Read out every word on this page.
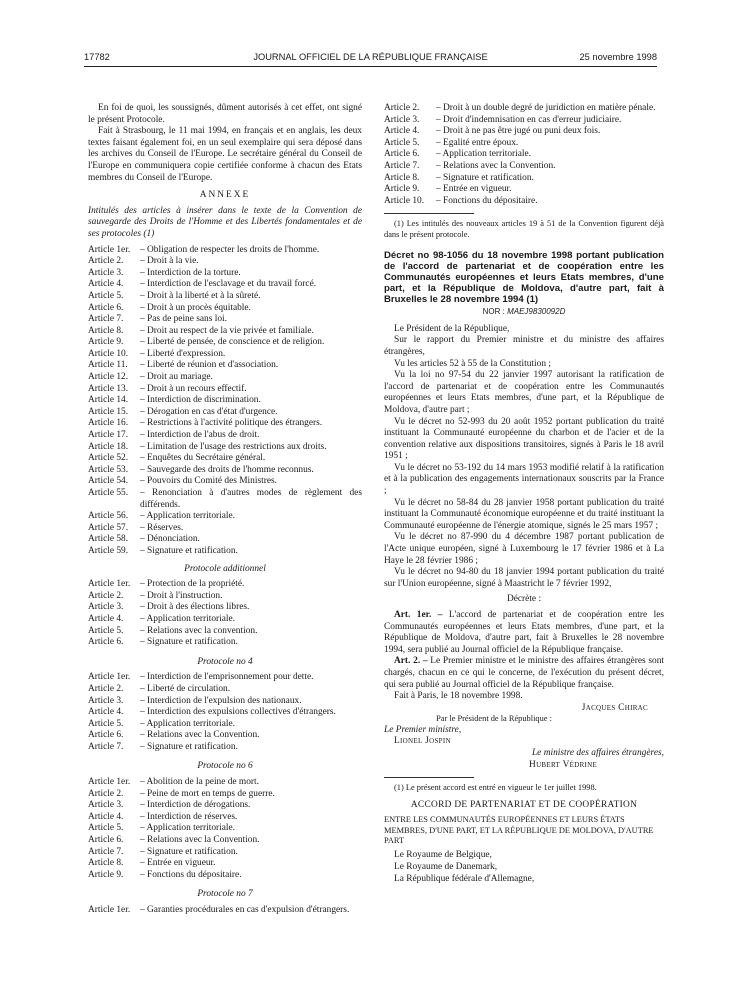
17782	JOURNAL OFFICIEL DE LA RÉPUBLIQUE FRANÇAISE	25 novembre 1998

En foi de quoi, les soussignés, dûment autorisés à cet effet, ont signé le présent Protocole.

Fait à Strasbourg, le 11 mai 1994, en français et en anglais, les deux textes faisant également foi, en un seul exemplaire qui sera déposé dans les archives du Conseil de l'Europe. Le secrétaire général du Conseil de l'Europe en communiquera copie certifiée conforme à chacun des Etats membres du Conseil de l'Europe.

ANNEXE

Intitulés des articles à insérer dans le texte de la Convention de sauvegarde des Droits de l'Homme et des Libertés fondamentales et de ses protocoles (1)

Article 1er.	– Obligation de respecter les droits de l'homme.
Article 2.	– Droit à la vie.
Article 3.	– Interdiction de la torture.
Article 4.	– Interdiction de l'esclavage et du travail forcé.
Article 5.	– Droit à la liberté et à la sûreté.
Article 6.	– Droit à un procès équitable.
Article 7.	– Pas de peine sans loi.
Article 8.	– Droit au respect de la vie privée et familiale.
Article 9.	– Liberté de pensée, de conscience et de religion.
Article 10.	– Liberté d'expression.
Article 11.	– Liberté de réunion et d'association.
Article 12.	– Droit au mariage.
Article 13.	– Droit à un recours effectif.
Article 14.	– Interdiction de discrimination.
Article 15.	– Dérogation en cas d'état d'urgence.
Article 16.	– Restrictions à l'activité politique des étrangers.
Article 17.	– Interdiction de l'abus de droit.
Article 18.	– Limitation de l'usage des restrictions aux droits.
Article 52.	– Enquêtes du Secrétaire général.
Article 53.	– Sauvegarde des droits de l'homme reconnus.
Article 54.	– Pouvoirs du Comité des Ministres.
Article 55.	– Renonciation à d'autres modes de règlement des différends.
Article 56.	– Application territoriale.
Article 57.	– Réserves.
Article 58.	– Dénonciation.
Article 59.	– Signature et ratification.

Protocole additionnel

Article 1er.	– Protection de la propriété.
Article 2.	– Droit à l'instruction.
Article 3.	– Droit à des élections libres.
Article 4.	– Application territoriale.
Article 5.	– Relations avec la convention.
Article 6.	– Signature et ratification.

Protocole no 4

Article 1er.	– Interdiction de l'emprisonnement pour dette.
Article 2.	– Liberté de circulation.
Article 3.	– Interdiction de l'expulsion des nationaux.
Article 4.	– Interdiction des expulsions collectives d'étrangers.
Article 5.	– Application territoriale.
Article 6.	– Relations avec la Convention.
Article 7.	– Signature et ratification.

Protocole no 6

Article 1er.	– Abolition de la peine de mort.
Article 2.	– Peine de mort en temps de guerre.
Article 3.	– Interdiction de dérogations.
Article 4.	– Interdiction de réserves.
Article 5.	– Application territoriale.
Article 6.	– Relations avec la Convention.
Article 7.	– Signature et ratification.
Article 8.	– Entrée en vigueur.
Article 9.	– Fonctions du dépositaire.

Protocole no 7

Article 1er.	– Garanties procédurales en cas d'expulsion d'étrangers.
Article 2.	– Droit à un double degré de juridiction en matière pénale.
Article 3.	– Droit d'indemnisation en cas d'erreur judiciaire.
Article 4.	– Droit à ne pas être jugé ou puni deux fois.
Article 5.	– Egalité entre époux.
Article 6.	– Application territoriale.
Article 7.	– Relations avec la Convention.
Article 8.	– Signature et ratification.
Article 9.	– Entrée en vigueur.
Article 10.	– Fonctions du dépositaire.

(1) Les intitulés des nouveaux articles 19 à 51 de la Convention figurent déjà dans le présent protocole.

Décret no 98-1056 du 18 novembre 1998 portant publication de l'accord de partenariat et de coopération entre les Communautés européennes et leurs Etats membres, d'une part, et la République de Moldova, d'autre part, fait à Bruxelles le 28 novembre 1994 (1)

NOR : MAEJ9830092D

Le Président de la République,

Sur le rapport du Premier ministre et du ministre des affaires étrangères,

Vu les articles 52 à 55 de la Constitution ;

Vu la loi no 97-54 du 22 janvier 1997 autorisant la ratification de l'accord de partenariat et de coopération entre les Communautés européennes et leurs Etats membres, d'une part, et la République de Moldova, d'autre part ;

Vu le décret no 52-993 du 20 août 1952 portant publication du traité instituant la Communauté européenne du charbon et de l'acier et de la convention relative aux dispositions transitoires, signés à Paris le 18 avril 1951 ;

Vu le décret no 53-192 du 14 mars 1953 modifié relatif à la ratification et à la publication des engagements internationaux souscrits par la France ;

Vu le décret no 58-84 du 28 janvier 1958 portant publication du traité instituant la Communauté économique européenne et du traité instituant la Communauté européenne de l'énergie atomique, signés le 25 mars 1957 ;

Vu le décret no 87-990 du 4 décembre 1987 portant publication de l'Acte unique européen, signé à Luxembourg le 17 février 1986 et à La Haye le 28 février 1986 ;

Vu le décret no 94-80 du 18 janvier 1994 portant publication du traité sur l'Union européenne, signé à Maastricht le 7 février 1992,

Décrète :

Art. 1er. – L'accord de partenariat et de coopération entre les Communautés européennes et leurs Etats membres, d'une part, et la République de Moldova, d'autre part, fait à Bruxelles le 28 novembre 1994, sera publié au Journal officiel de la République française.

Art. 2. – Le Premier ministre et le ministre des affaires étrangères sont chargés, chacun en ce qui le concerne, de l'exécution du présent décret, qui sera publié au Journal officiel de la République française.

Fait à Paris, le 18 novembre 1998.

Jacques Chirac

Par le Président de la République :

Le Premier ministre,

Lionel Jospin

Le ministre des affaires étrangères,

Hubert Védrine

(1) Le présent accord est entré en vigueur le 1er juillet 1998.

ACCORD DE PARTENARIAT ET DE COOPÉRATION

ENTRE LES COMMUNAUTÉS EUROPÉENNES ET LEURS ÉTATS MEMBRES, D'UNE PART, ET LA RÉPUBLIQUE DE MOLDOVA, D'AUTRE PART

Le Royaume de Belgique,

Le Royaume de Danemark,

La République fédérale d'Allemagne,
